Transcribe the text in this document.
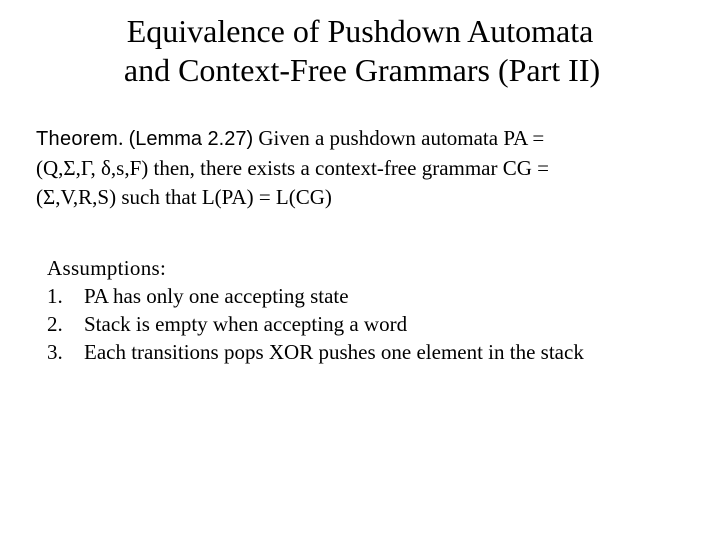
Equivalence of Pushdown Automata
and Context-Free Grammars (Part II)
Theorem. (Lemma 2.27) Given a pushdown automata PA =
(Q,Σ,Γ, δ,s,F) then, there exists a context-free grammar CG =
(Σ,V,R,S) such that L(PA) = L(CG)
Assumptions:
1.	PA has only one accepting state
2.	Stack is empty when accepting a word
3.	Each transitions pops XOR pushes one element in the stack
